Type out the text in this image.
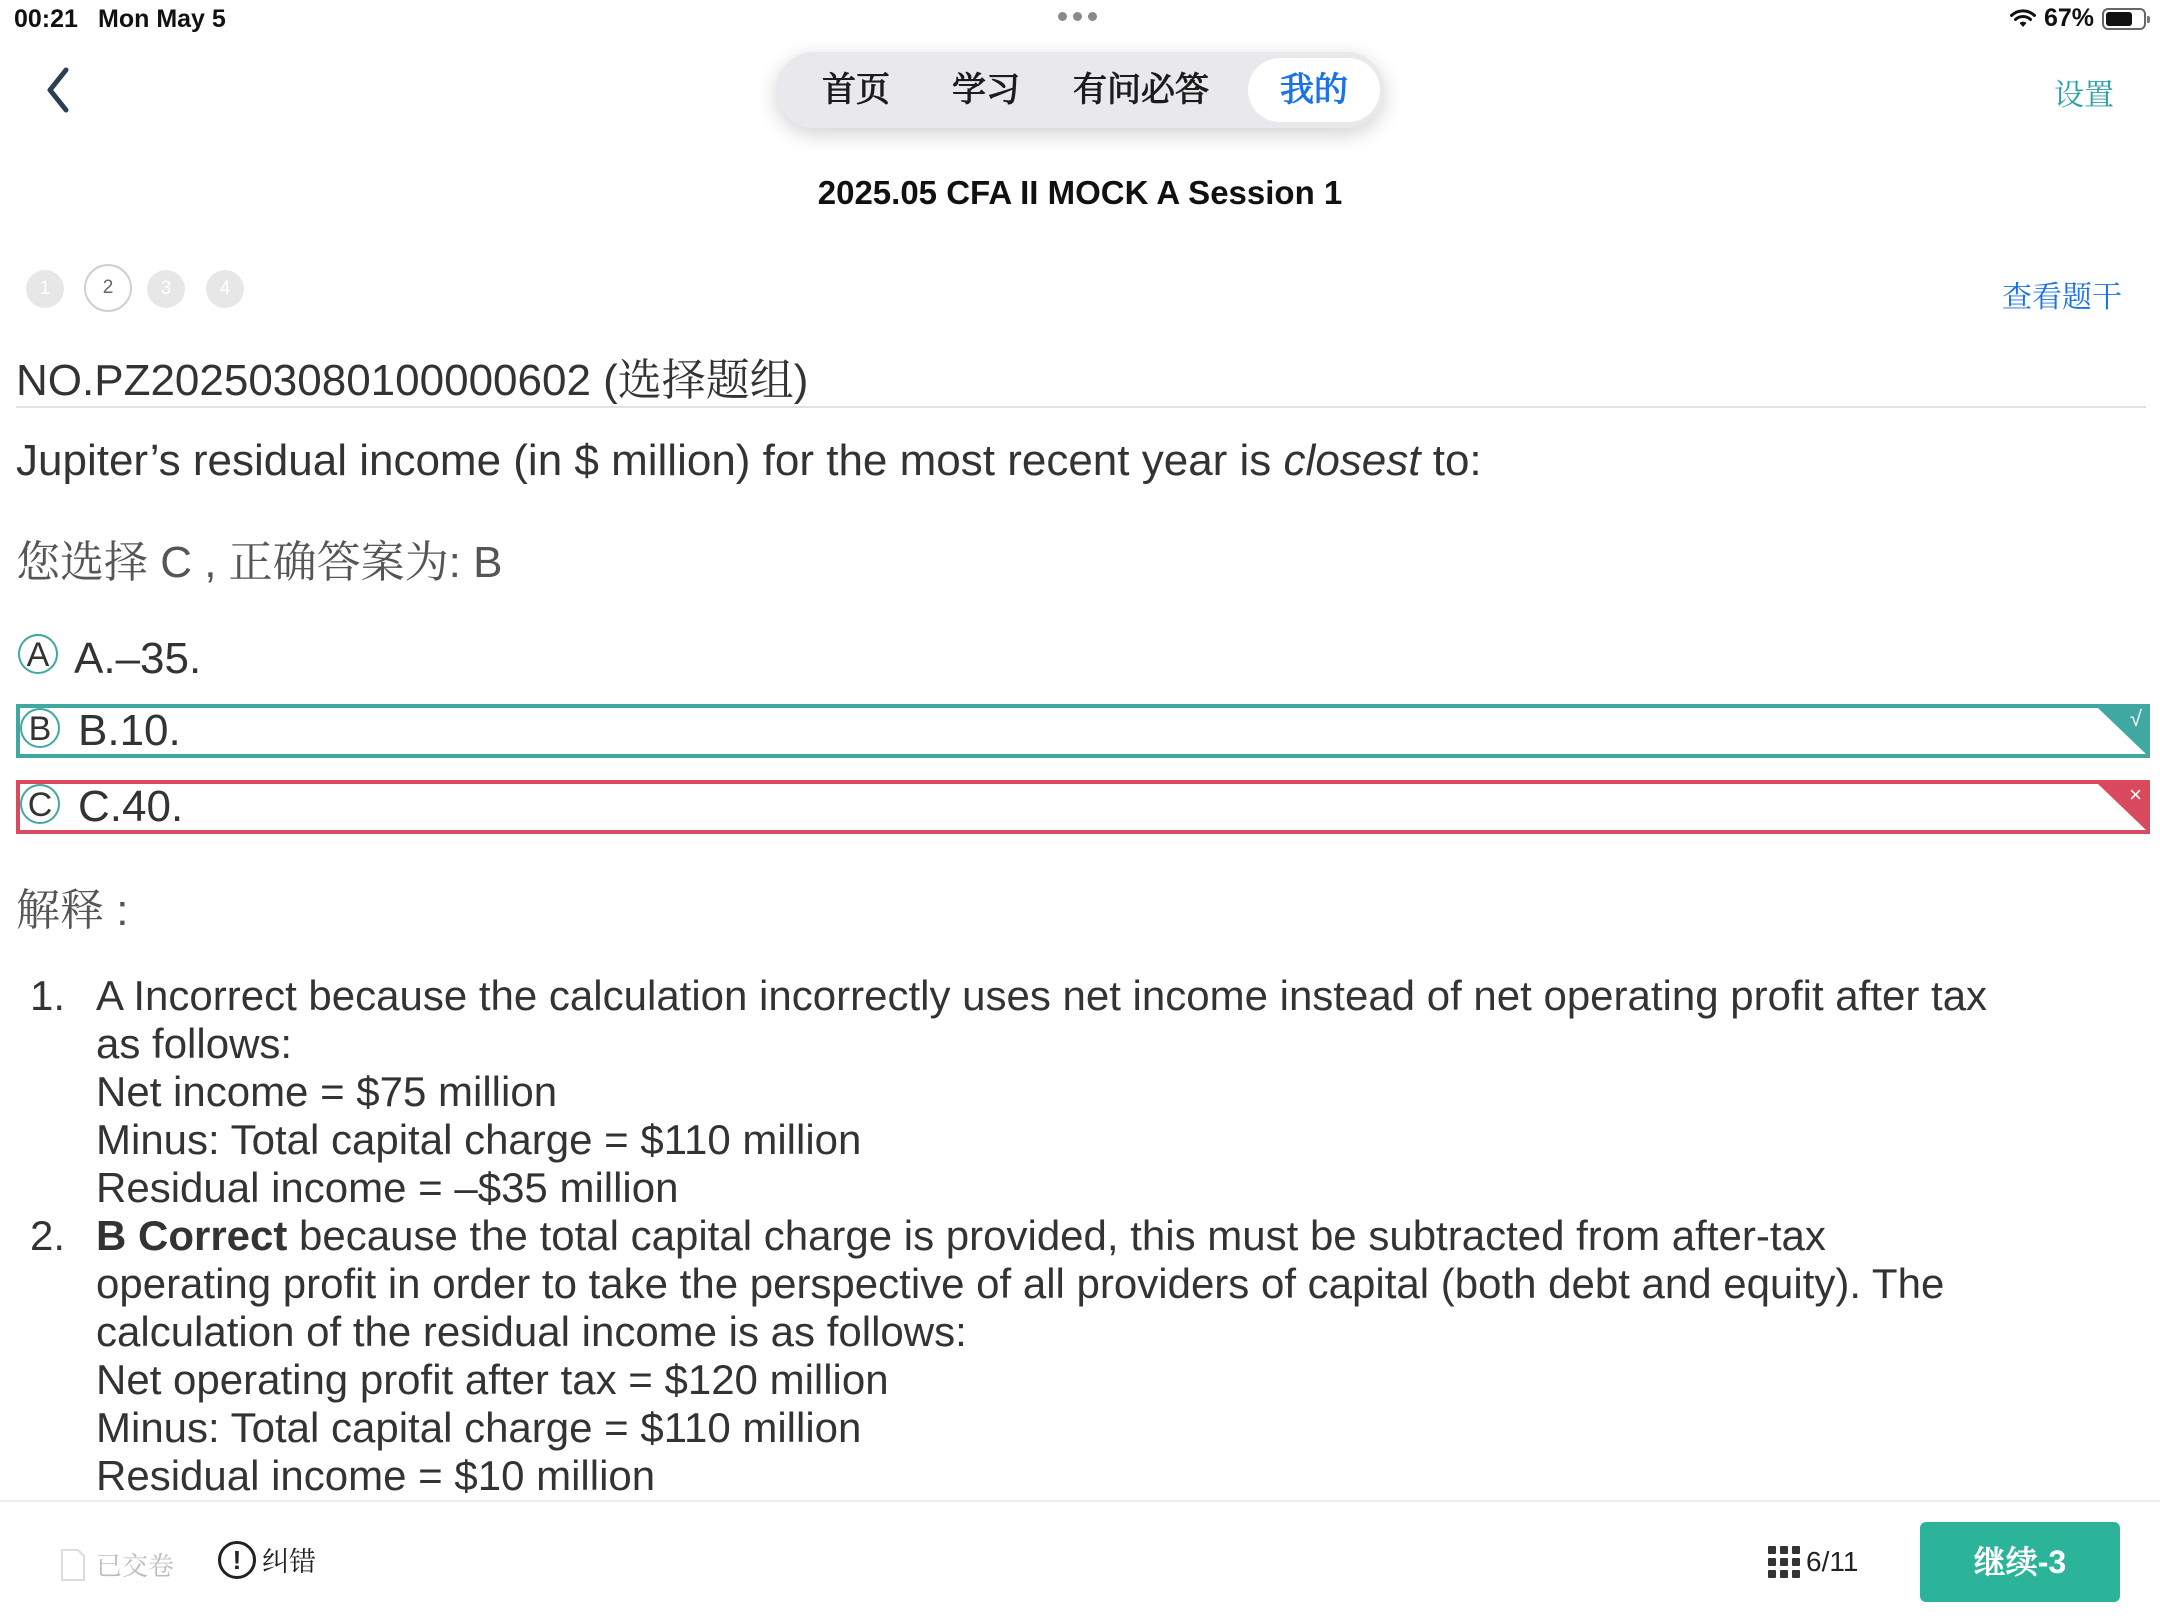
00:21 Mon May 5	67%
首页	学习	有问必答	我的	设置
2025.05 CFA II MOCK A Session 1
1	2	3	4	查看题干
NO.PZ202503080100000602 (选择题组)
Jupiter’s residual income (in $ million) for the most recent year is closest to:
您选择 C , 正确答案为: B
A A.–35.
B B.10.	√
C C.40.	×
解释 :
1. A Incorrect because the calculation incorrectly uses net income instead of net operating profit after tax
as follows:
Net income = $75 million
Minus: Total capital charge = $110 million
Residual income = –$35 million
2. B Correct because the total capital charge is provided, this must be subtracted from after-tax
operating profit in order to take the perspective of all providers of capital (both debt and equity). The
calculation of the residual income is as follows:
Net operating profit after tax = $120 million
Minus: Total capital charge = $110 million
Residual income = $10 million
已交卷	! 纠错	6/11	继续-3
